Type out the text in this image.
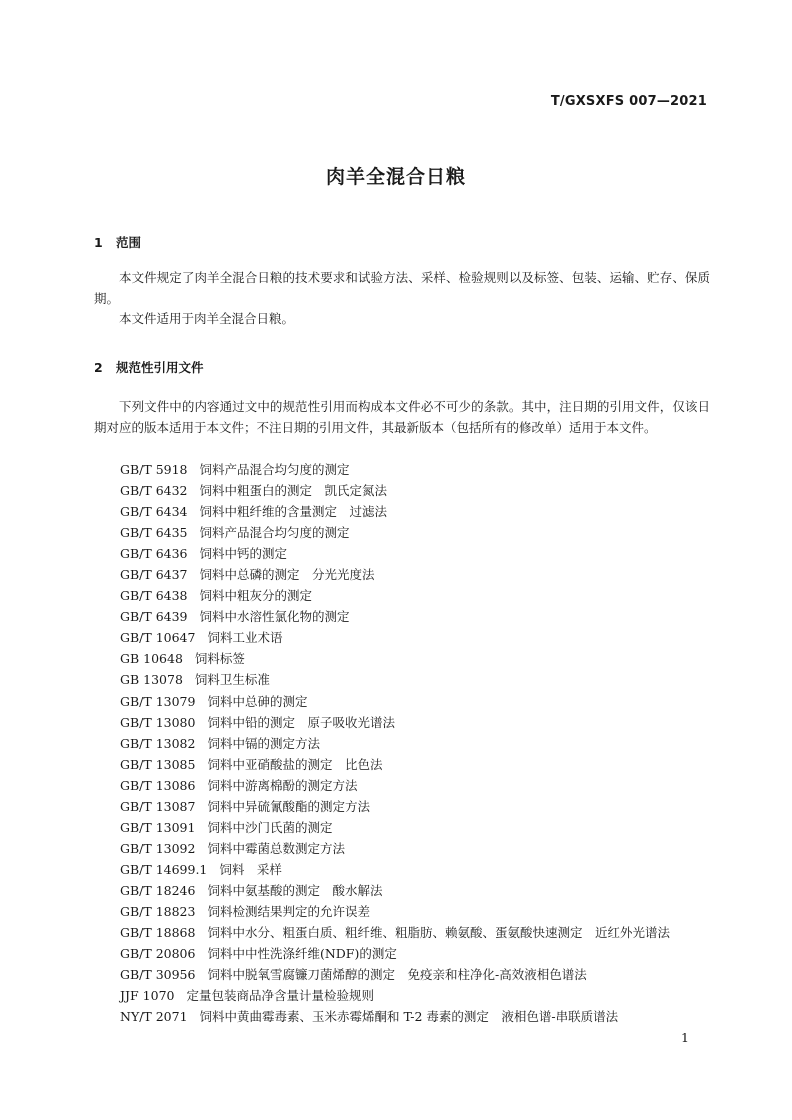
T/GXSXFS 007—2021
肉羊全混合日粮
1 范围
本文件规定了肉羊全混合日粮的技术要求和试验方法、采样、检验规则以及标签、包装、运输、贮存、保质期。
本文件适用于肉羊全混合日粮。
2 规范性引用文件
下列文件中的内容通过文中的规范性引用而构成本文件必不可少的条款。其中，注日期的引用文件，仅该日期对应的版本适用于本文件；不注日期的引用文件，其最新版本（包括所有的修改单）适用于本文件。
GB/T 5918 饲料产品混合均匀度的测定
GB/T 6432 饲料中粗蛋白的测定　凯氏定氮法
GB/T 6434 饲料中粗纤维的含量测定　过滤法
GB/T 6435 饲料产品混合均匀度的测定
GB/T 6436 饲料中钙的测定
GB/T 6437 饲料中总磷的测定　分光光度法
GB/T 6438 饲料中粗灰分的测定
GB/T 6439 饲料中水溶性氯化物的测定
GB/T 10647 饲料工业术语
GB 10648 饲料标签
GB 13078 饲料卫生标准
GB/T 13079 饲料中总砷的测定
GB/T 13080 饲料中铅的测定　原子吸收光谱法
GB/T 13082 饲料中镉的测定方法
GB/T 13085 饲料中亚硝酸盐的测定　比色法
GB/T 13086 饲料中游离棉酚的测定方法
GB/T 13087 饲料中异硫氰酸酯的测定方法
GB/T 13091 饲料中沙门氏菌的测定
GB/T 13092 饲料中霉菌总数测定方法
GB/T 14699.1 饲料　采样
GB/T 18246 饲料中氨基酸的测定　酸水解法
GB/T 18823 饲料检测结果判定的允许误差
GB/T 18868 饲料中水分、粗蛋白质、粗纤维、粗脂肪、赖氨酸、蛋氨酸快速测定　近红外光谱法
GB/T 20806 饲料中中性洗涤纤维(NDF)的测定
GB/T 30956 饲料中脱氧雪腐镰刀菌烯醇的测定　免疫亲和柱净化-高效液相色谱法
JJF 1070 定量包装商品净含量计量检验规则
NY/T 2071 饲料中黄曲霉毒素、玉米赤霉烯酮和 T-2 毒素的测定　液相色谱-串联质谱法
1
